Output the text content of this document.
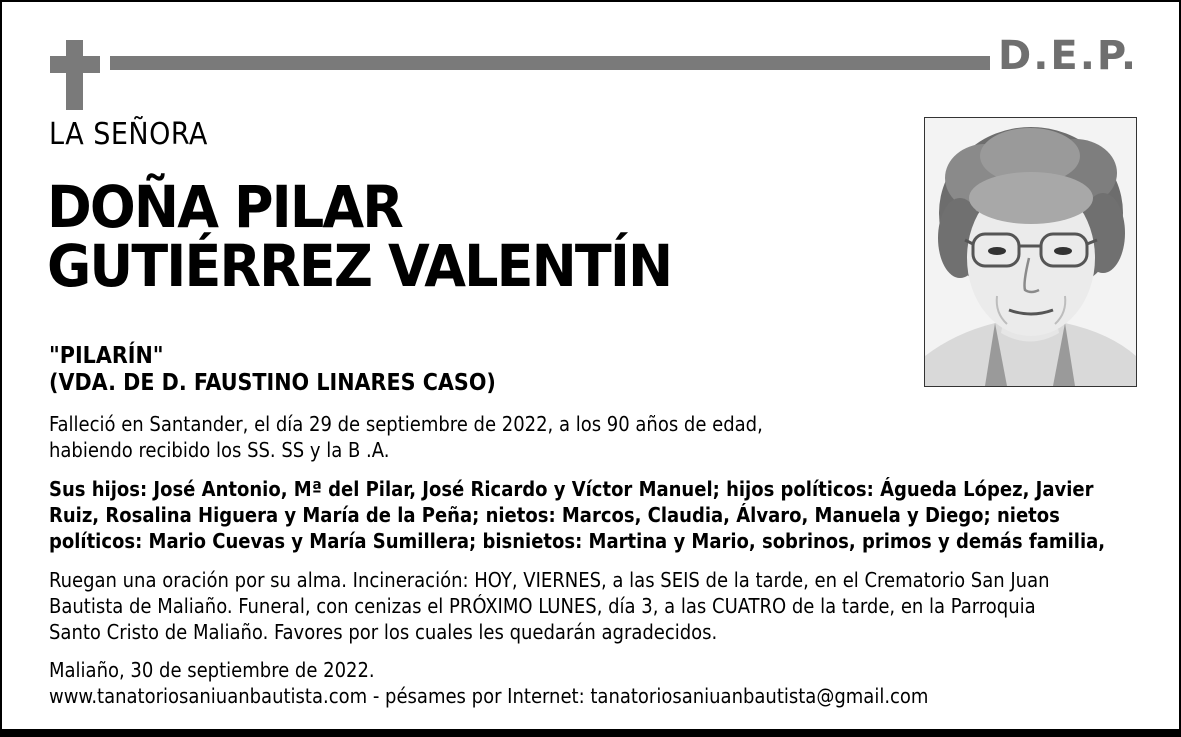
D.E.P.
LA SEÑORA
DOÑA PILAR
GUTIÉRREZ VALENTÍN
"PILARÍN"
(VDA. DE D. FAUSTINO LINARES CASO)
Falleció en Santander, el día 29 de septiembre de 2022, a los 90 años de edad,
habiendo recibido los SS. SS y la B .A.
Sus hijos: José Antonio, Mª del Pilar, José Ricardo y Víctor Manuel; hijos políticos: Águeda López, Javier
Ruiz, Rosalina Higuera y María de la Peña; nietos: Marcos, Claudia, Álvaro, Manuela y Diego; nietos
políticos: Mario Cuevas y María Sumillera; bisnietos: Martina y Mario, sobrinos, primos y demás familia,
Ruegan una oración por su alma. Incineración: HOY, VIERNES, a las SEIS de la tarde, en el Crematorio San Juan
Bautista de Maliaño. Funeral, con cenizas el PRÓXIMO LUNES, día 3, a las CUATRO de la tarde, en la Parroquia
Santo Cristo de Maliaño. Favores por los cuales les quedarán agradecidos.
Maliaño, 30 de septiembre de 2022.
www.tanatoriosaniuanbautista.com - pésames por Internet: tanatoriosaniuanbautista@gmail.com
